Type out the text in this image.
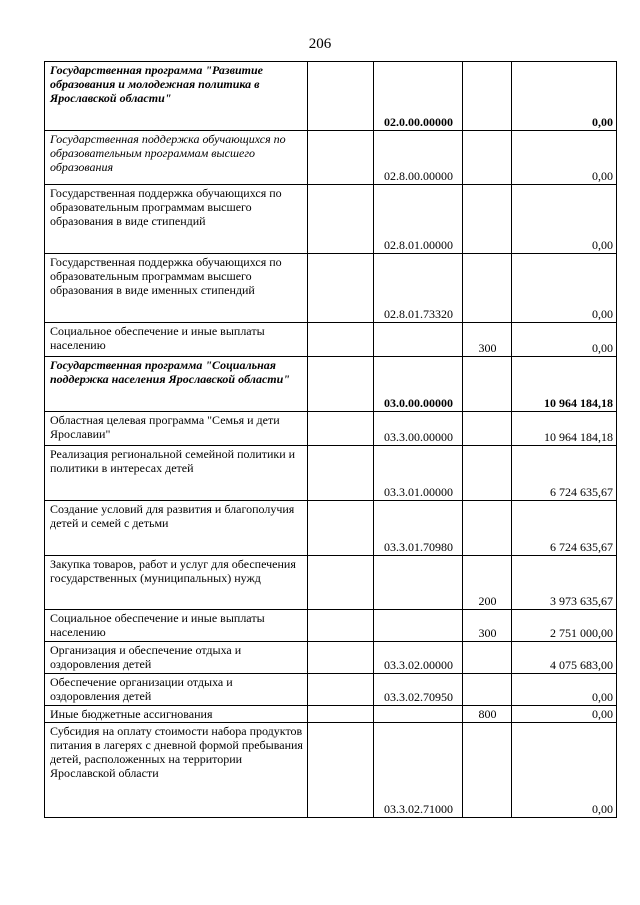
206
Государственная программа "Развитие образования и молодежная политика в Ярославской области"		02.0.00.00000		0,00
Государственная поддержка обучающихся по образовательным программам высшего образования		02.8.00.00000		0,00
Государственная поддержка обучающихся по образовательным программам высшего образования в виде стипендий		02.8.01.00000		0,00
Государственная поддержка обучающихся по образовательным программам высшего образования в виде именных стипендий		02.8.01.73320		0,00
Социальное обеспечение и иные выплаты населению			300	0,00
Государственная программа "Социальная поддержка населения Ярославской области"		03.0.00.00000		10 964 184,18
Областная целевая программа "Семья и дети Ярославии"		03.3.00.00000		10 964 184,18
Реализация региональной семейной политики и политики в интересах детей		03.3.01.00000		6 724 635,67
Создание условий для развития и благополучия детей и семей с детьми		03.3.01.70980		6 724 635,67
Закупка товаров, работ и услуг для обеспечения государственных (муниципальных) нужд			200	3 973 635,67
Социальное обеспечение и иные выплаты населению			300	2 751 000,00
Организация и обеспечение отдыха и оздоровления детей		03.3.02.00000		4 075 683,00
Обеспечение организации отдыха и оздоровления детей		03.3.02.70950		0,00
Иные бюджетные ассигнования			800	0,00
Субсидия на оплату стоимости набора продуктов питания в лагерях с дневной формой пребывания детей, расположенных на территории Ярославской области		03.3.02.71000		0,00
